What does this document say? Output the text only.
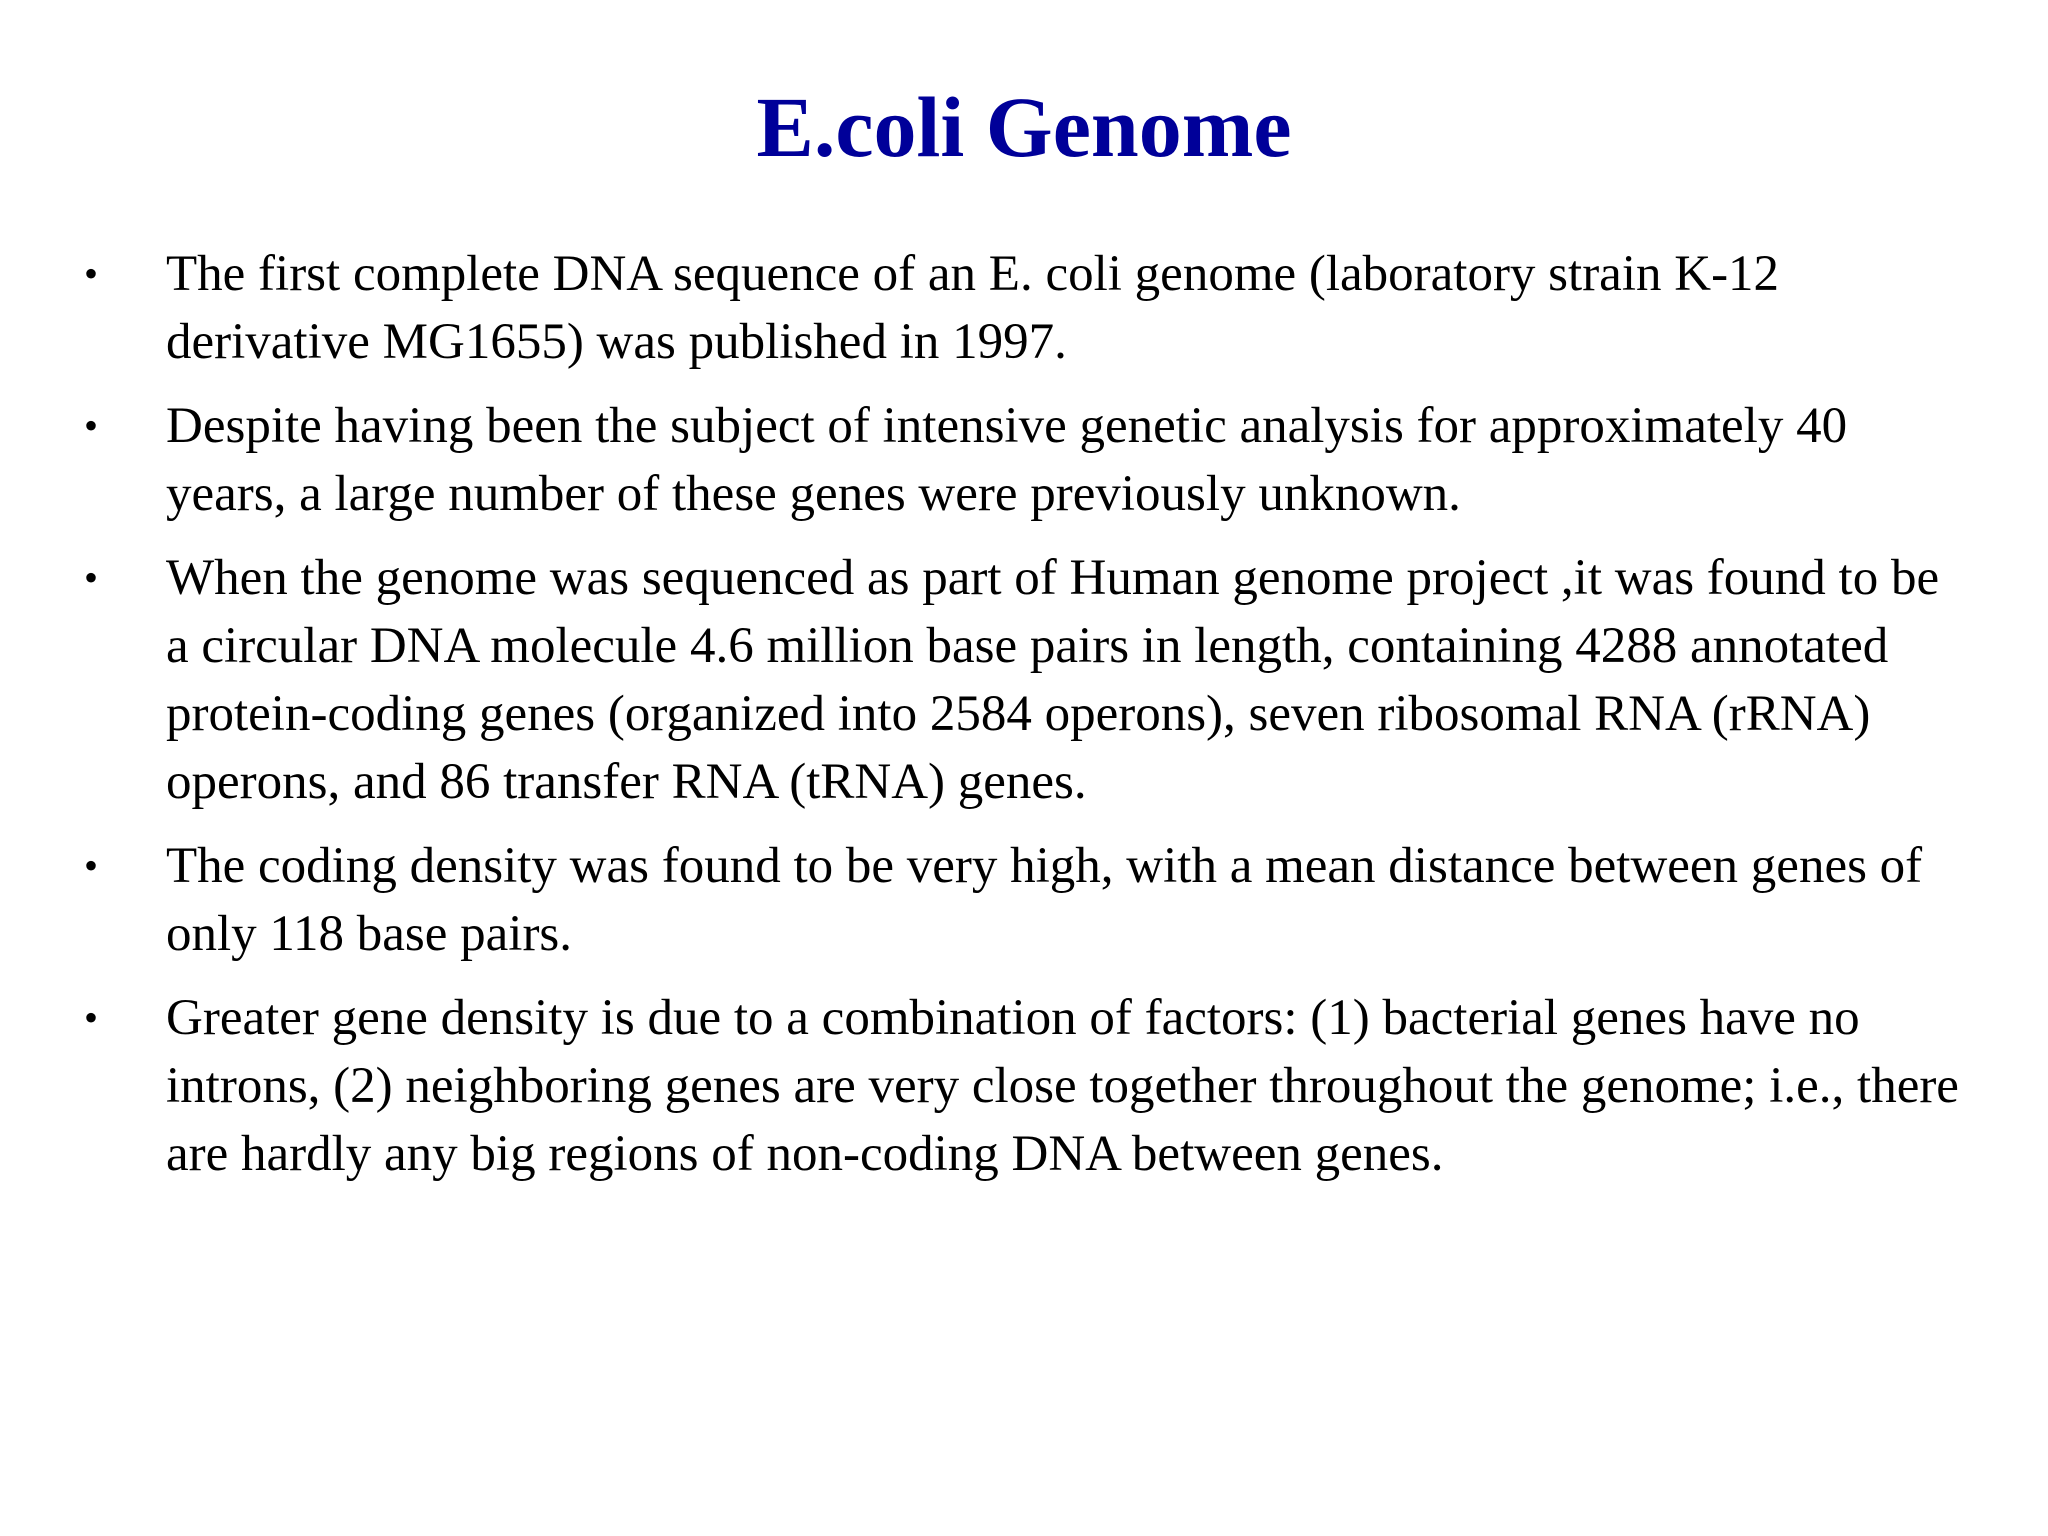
E.coli Genome
• The first complete DNA sequence of an E. coli genome (laboratory strain K-12 derivative MG1655) was published in 1997.
• Despite having been the subject of intensive genetic analysis for approximately 40 years, a large number of these genes were previously unknown.
• When the genome was sequenced as part of Human genome project ,it was found to be a circular DNA molecule 4.6 million base pairs in length, containing 4288 annotated protein-coding genes (organized into 2584 operons), seven ribosomal RNA (rRNA) operons, and 86 transfer RNA (tRNA) genes.
• The coding density was found to be very high, with a mean distance between genes of only 118 base pairs.
• Greater gene density is due to a combination of factors: (1) bacterial genes have no introns, (2) neighboring genes are very close together throughout the genome; i.e., there are hardly any big regions of non-coding DNA between genes.
